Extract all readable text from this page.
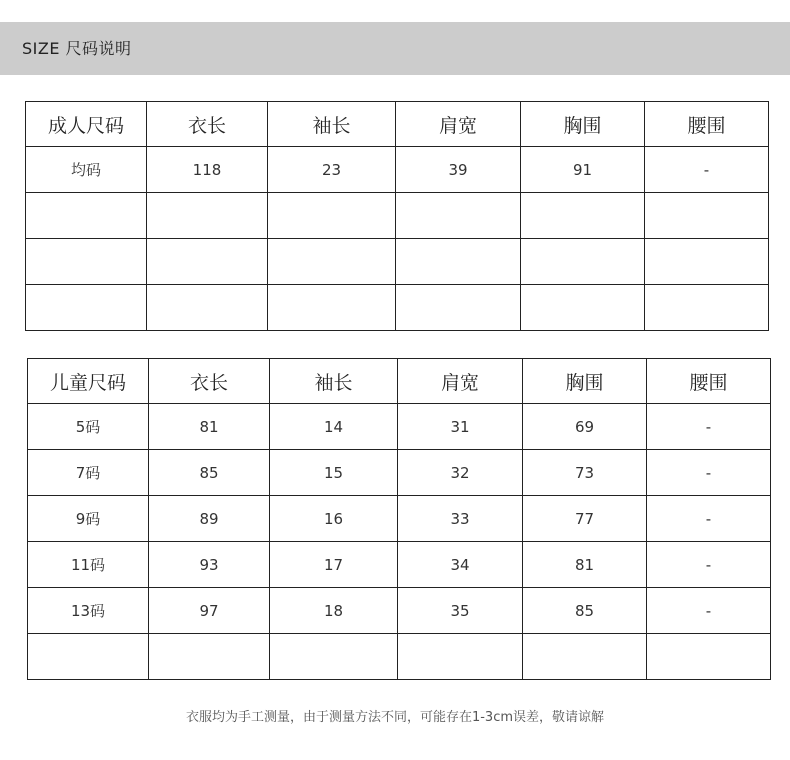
SIZE 尺码说明
成人尺码	衣长	袖长	肩宽	胸围	腰围
均码	118	23	39	91	-

儿童尺码	衣长	袖长	肩宽	胸围	腰围
5码	81	14	31	69	-
7码	85	15	32	73	-
9码	89	16	33	77	-
11码	93	17	34	81	-
13码	97	18	35	85	-

衣服均为手工测量，由于测量方法不同，可能存在1-3cm误差，敬请谅解
